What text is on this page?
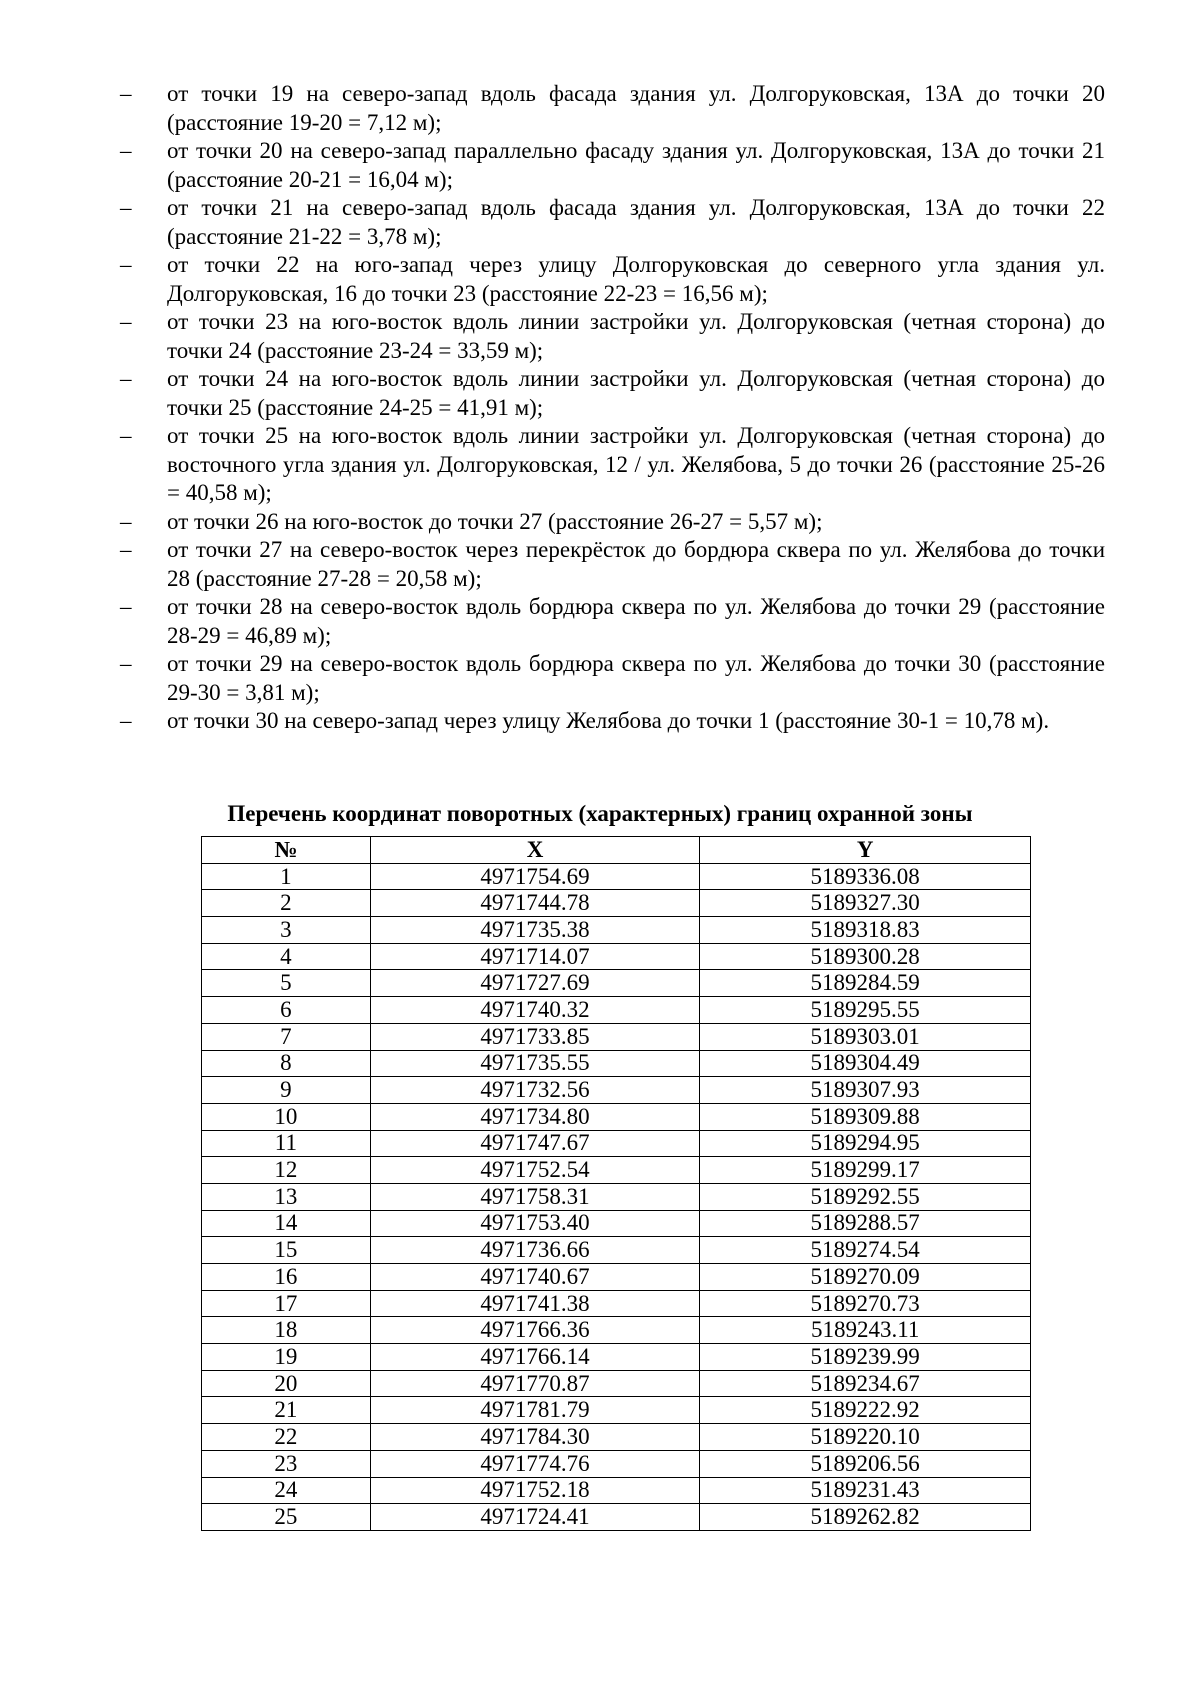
–	от точки 19 на северо-запад вдоль фасада здания ул. Долгоруковская, 13А до точки 20 (расстояние 19-20 = 7,12 м);

–	от точки 20 на северо-запад параллельно фасаду здания ул. Долгоруковская, 13А до точки 21 (расстояние 20-21 = 16,04 м);

–	от точки 21 на северо-запад вдоль фасада здания ул. Долгоруковская, 13А до точки 22 (расстояние 21-22 = 3,78 м);

–	от точки 22 на юго-запад через улицу Долгоруковская до северного угла здания ул. Долгоруковская, 16 до точки 23 (расстояние 22-23 = 16,56 м);

–	от точки 23 на юго-восток вдоль линии застройки ул. Долгоруковская (четная сторона) до точки 24 (расстояние 23-24 = 33,59 м);

–	от точки 24 на юго-восток вдоль линии застройки ул. Долгоруковская (четная сторона) до точки 25 (расстояние 24-25 = 41,91 м);

–	от точки 25 на юго-восток вдоль линии застройки ул. Долгоруковская (четная сторона) до восточного угла здания ул. Долгоруковская, 12 / ул. Желябова, 5 до точки 26 (расстояние 25-26 = 40,58 м);

–	от точки 26 на юго-восток до точки 27 (расстояние 26-27 = 5,57 м);

–	от точки 27 на северо-восток через перекрёсток до бордюра сквера по ул. Желябова до точки 28 (расстояние 27-28 = 20,58 м);

–	от точки 28 на северо-восток вдоль бордюра сквера по ул. Желябова до точки 29 (расстояние 28-29 = 46,89 м);

–	от точки 29 на северо-восток вдоль бордюра сквера по ул. Желябова до точки 30 (расстояние 29-30 = 3,81 м);

–	от точки 30 на северо-запад через улицу Желябова до точки 1 (расстояние 30-1 = 10,78 м).

Перечень координат поворотных (характерных) границ охранной зоны
№	X	Y
1	4971754.69	5189336.08
2	4971744.78	5189327.30
3	4971735.38	5189318.83
4	4971714.07	5189300.28
5	4971727.69	5189284.59
6	4971740.32	5189295.55
7	4971733.85	5189303.01
8	4971735.55	5189304.49
9	4971732.56	5189307.93
10	4971734.80	5189309.88
11	4971747.67	5189294.95
12	4971752.54	5189299.17
13	4971758.31	5189292.55
14	4971753.40	5189288.57
15	4971736.66	5189274.54
16	4971740.67	5189270.09
17	4971741.38	5189270.73
18	4971766.36	5189243.11
19	4971766.14	5189239.99
20	4971770.87	5189234.67
21	4971781.79	5189222.92
22	4971784.30	5189220.10
23	4971774.76	5189206.56
24	4971752.18	5189231.43
25	4971724.41	5189262.82
